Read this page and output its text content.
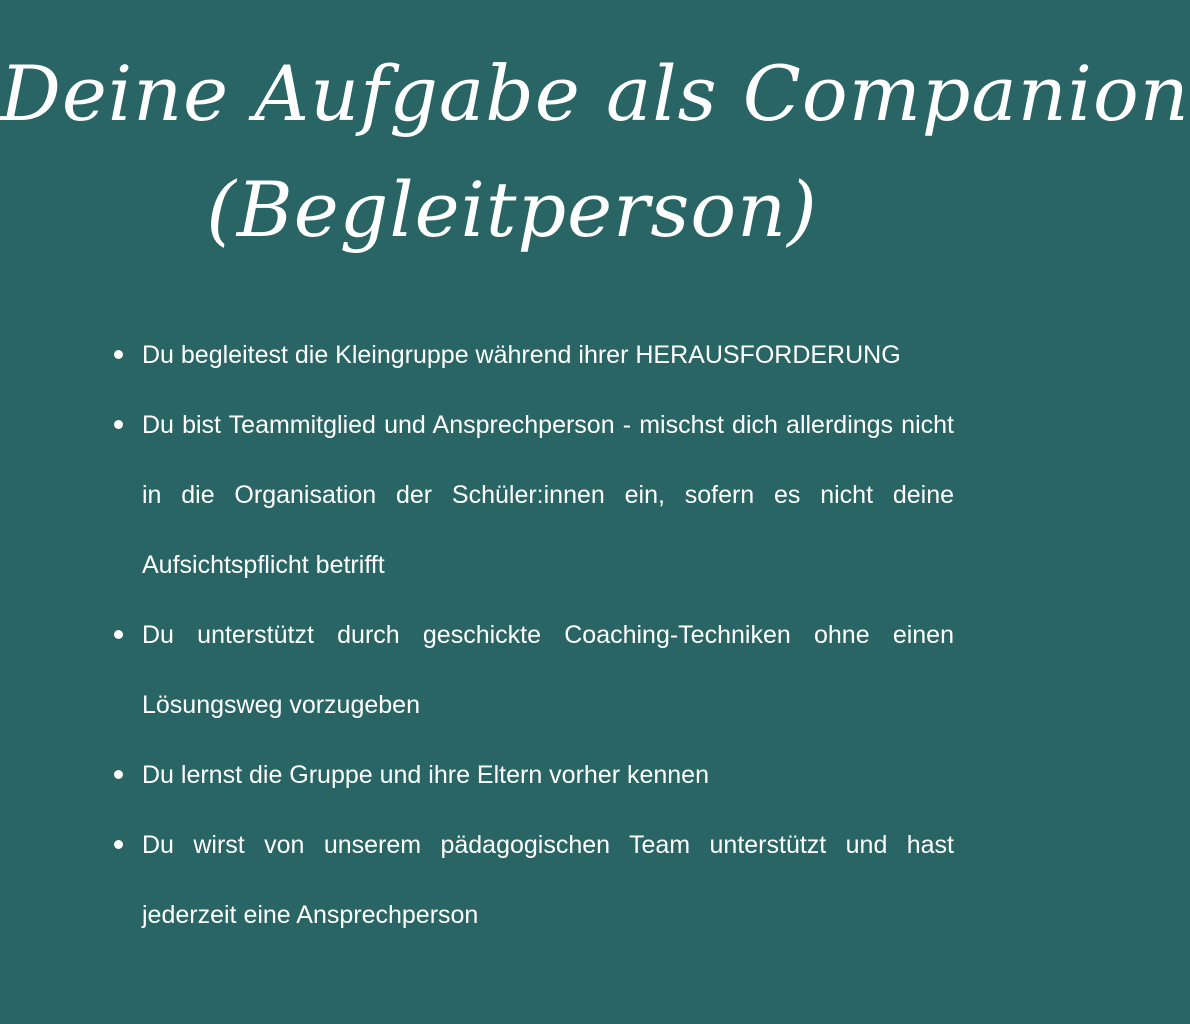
Deine Aufgabe als Companion
(Begleitperson)
Du begleitest die Kleingruppe während ihrer HERAUSFORDERUNG
Du bist Teammitglied und Ansprechperson - mischst dich allerdings nicht in die Organisation der Schüler:innen ein, sofern es nicht deine Aufsichtspflicht betrifft
Du unterstützt durch geschickte Coaching-Techniken ohne einen Lösungsweg vorzugeben
Du lernst die Gruppe und ihre Eltern vorher kennen
Du wirst von unserem pädagogischen Team unterstützt und hast jederzeit eine Ansprechperson
